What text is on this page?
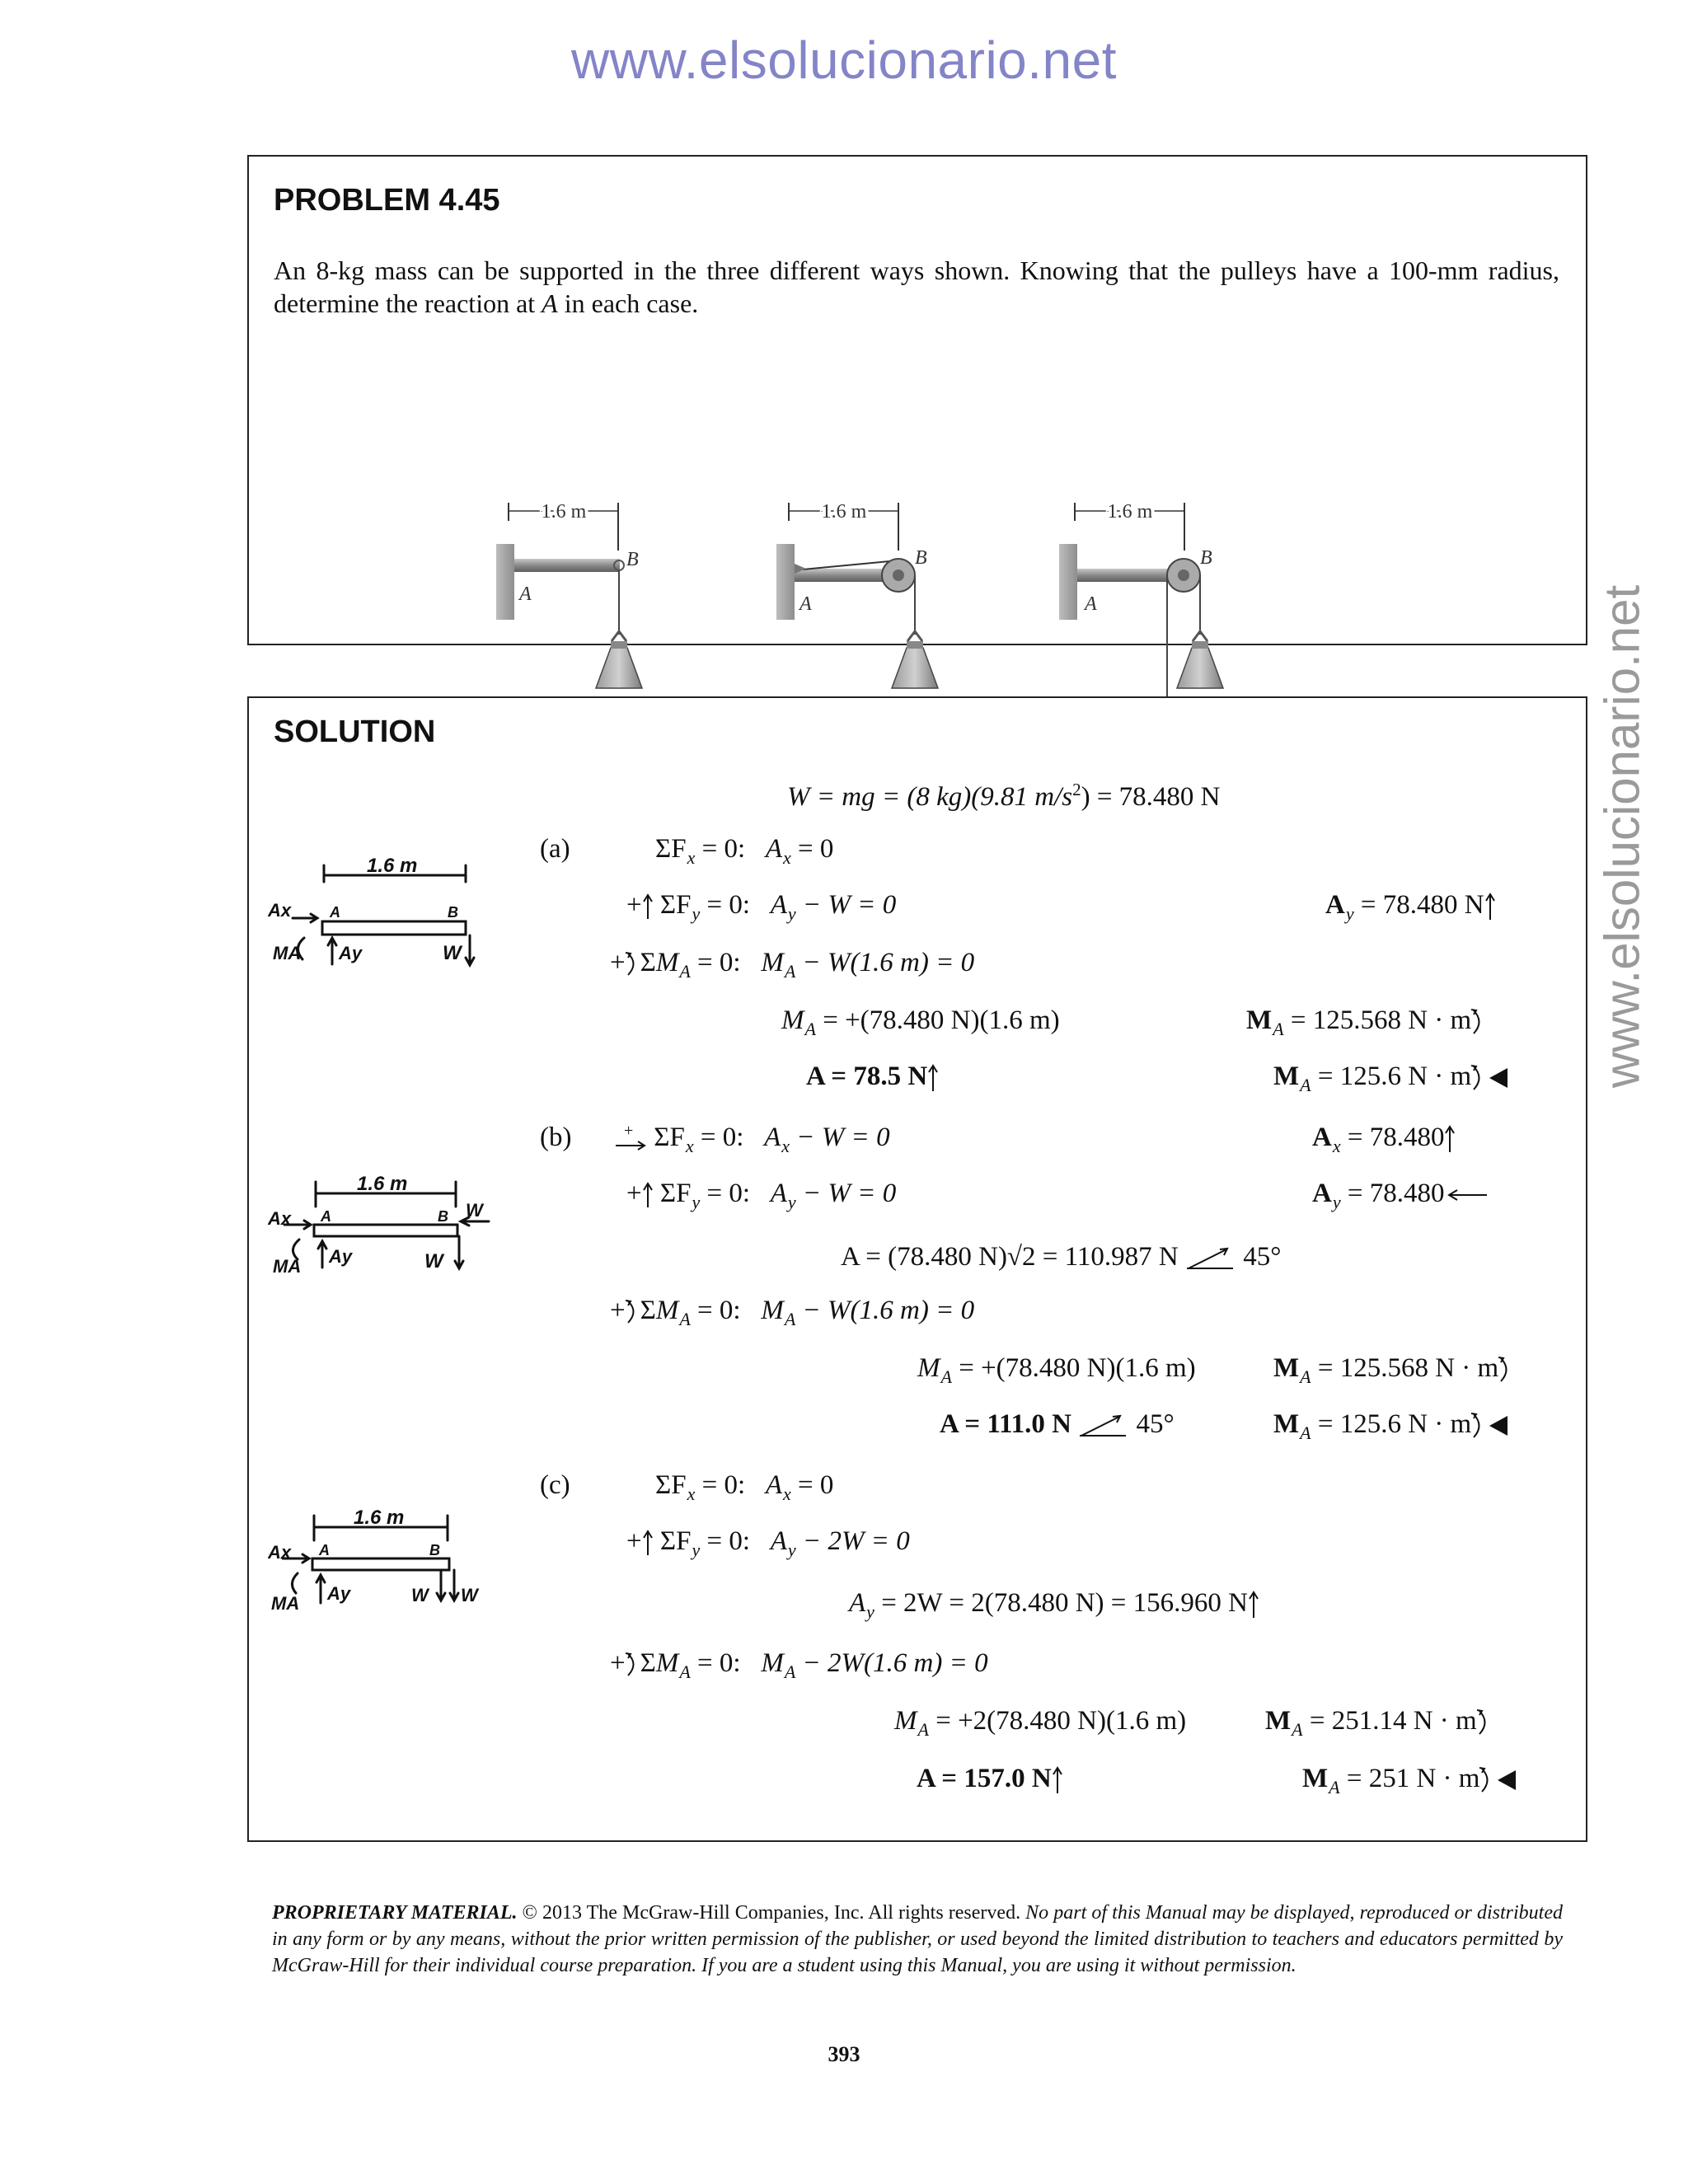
www.elsolucionario.net
www.elsolucionario.net
PROBLEM 4.45
An 8-kg mass can be supported in the three different ways shown. Knowing that the pulleys have a 100-mm radius, determine the reaction at A in each case.
1.6 m
A
B
1.6 m
A
B
1.6 m
A
B
SOLUTION
W = mg = (8 kg)(9.81 $m/s^2) = 78.480$ N
(a)	$\Sigma F_x = 0$:   $A_x = 0$
+ $\Sigma F_y = 0$:   $A_y - W = 0$	$A_y = 78.480$ N
+ $\Sigma M_A = 0$:   $M_A - W(1.6$ m) = 0
$M_A = +(78.480$ N)(1.6 m)	$M_A = 125.568$ N · m
A = 78.5 N	$M_A = 125.6$ N · m
(b)	+ $\Sigma F_x = 0$:   $A_x - W = 0$	$A_x = 78.480$
+ $\Sigma F_y = 0$:   $A_y - W = 0$	$A_y = 78.480$
A = (78.480 N)√2 = 110.987 N 45°
+ $\Sigma M_A = 0$:   $M_A - W(1.6$ m) = 0
$M_A = +(78.480$ N)(1.6 m)	$M_A = 125.568$ N · m
A = 111.0 N 45°	$M_A = 125.6$ N · m
(c)	$\Sigma F_x = 0$:   $A_x = 0$
+ $\Sigma F_y = 0$:   $A_y - 2W = 0$
$A_y = 2W = 2(78.480$ N) = 156.960 N
+ $\Sigma M_A = 0$:   $M_A - 2W(1.6$ m) = 0
$M_A = +2(78.480$ N)(1.6 m)	$M_A = 251.14$ N · m
A = 157.0 N	$M_A = 251$ N · m
1.6 m
Ax
MA Ay
A	B
W
1.6 m
Ax
MA Ay
A	B W
W
1.6 m
Ax
MA Ay
A	B
W W
PROPRIETARY MATERIAL. © 2013 The McGraw-Hill Companies, Inc. All rights reserved. No part of this Manual may be displayed, reproduced or distributed in any form or by any means, without the prior written permission of the publisher, or used beyond the limited distribution to teachers and educators permitted by McGraw-Hill for their individual course preparation. If you are a student using this Manual, you are using it without permission.
393
